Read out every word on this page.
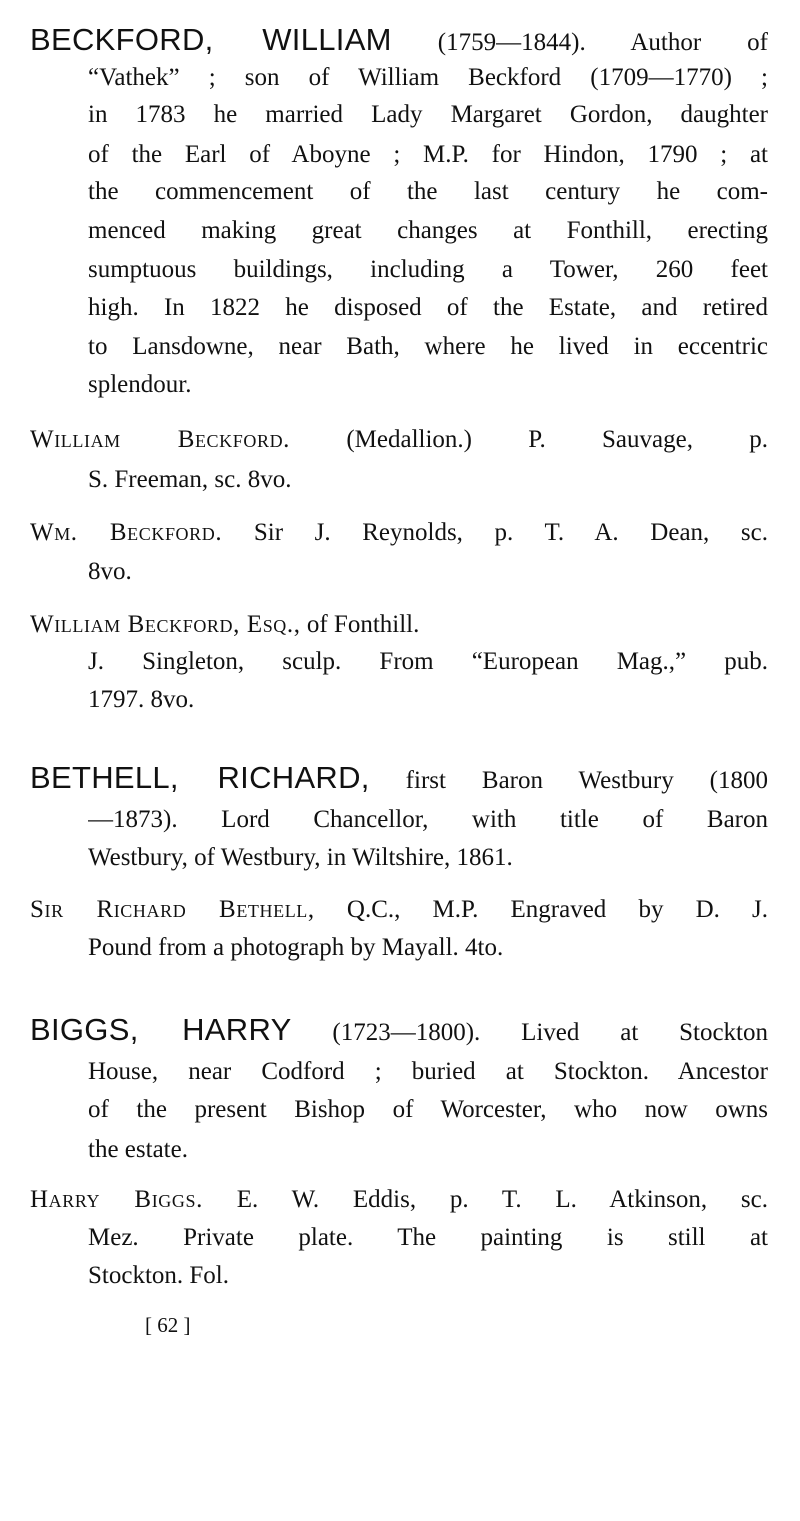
BECKFORD, WILLIAM (1759—1844). Author of
“Vathek” ; son of William Beckford (1709—1770) ;
in 1783 he married Lady Margaret Gordon, daughter
of the Earl of Aboyne ; M.P. for Hindon, 1790 ; at
the commencement of the last century he com-
menced making great changes at Fonthill, erecting
sumptuous buildings, including a Tower, 260 feet
high. In 1822 he disposed of the Estate, and retired
to Lansdowne, near Bath, where he lived in eccentric
splendour.
William Beckford. (Medallion.) P. Sauvage, p.
S. Freeman, sc. 8vo.
Wm. Beckford. Sir J. Reynolds, p. T. A. Dean, sc.
8vo.
William Beckford, Esq., of Fonthill.
J. Singleton, sculp. From “European Mag.,” pub.
1797. 8vo.
BETHELL, RICHARD, first Baron Westbury (1800
—1873). Lord Chancellor, with title of Baron
Westbury, of Westbury, in Wiltshire, 1861.
Sir Richard Bethell, Q.C., M.P. Engraved by D. J.
Pound from a photograph by Mayall. 4to.
BIGGS, HARRY (1723—1800). Lived at Stockton
House, near Codford ; buried at Stockton. Ancestor
of the present Bishop of Worcester, who now owns
the estate.
Harry Biggs. E. W. Eddis, p. T. L. Atkinson, sc.
Mez. Private plate. The painting is still at
Stockton. Fol.
[ 62 ]
